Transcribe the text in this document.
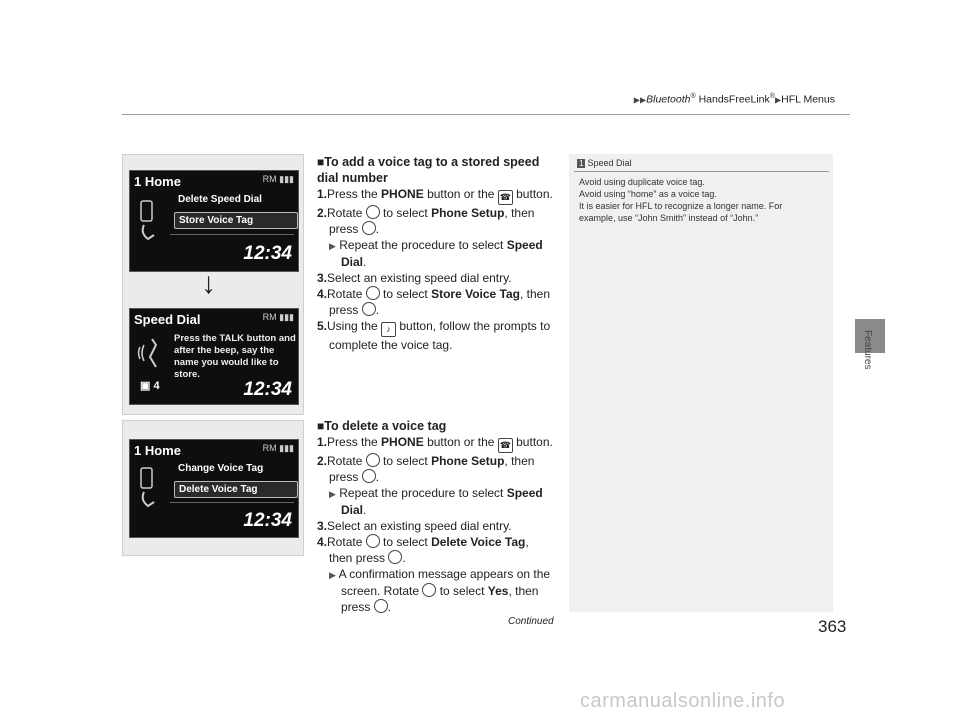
▶▶Bluetooth® HandsFreeLink®▶HFL Menus
Features
1 Home	RM ▮▮▮
Delete Speed Dial
Store Voice Tag
12:34
↓
Speed Dial	RM ▮▮▮
▣ 4
Press the TALK button and after the beep, say the name you would like to store.
12:34
1 Home	RM ▮▮▮
Change Voice Tag
Delete Voice Tag
12:34

■To add a voice tag to a stored speed dial number

1.Press the PHONE button or the ☎ button.

2.Rotate  to select Phone Setup, then

press .

▶ Repeat the procedure to select Speed

Dial.

3.Select an existing speed dial entry.

4.Rotate  to select Store Voice Tag, then

press .

5.Using the ♪ button, follow the prompts to

complete the voice tag.

■To delete a voice tag

1.Press the PHONE button or the ☎ button.

2.Rotate  to select Phone Setup, then

press .

▶ Repeat the procedure to select Speed

Dial.

3.Select an existing speed dial entry.

4.Rotate  to select Delete Voice Tag,

then press .

▶ A confirmation message appears on the

screen. Rotate  to select Yes, then

press .

1 Speed Dial
Avoid using duplicate voice tag.
Avoid using “home” as a voice tag.
It is easier for HFL to recognize a longer name. For
example, use “John Smith” instead of “John.”
Continued	363
carmanualsonline.info
